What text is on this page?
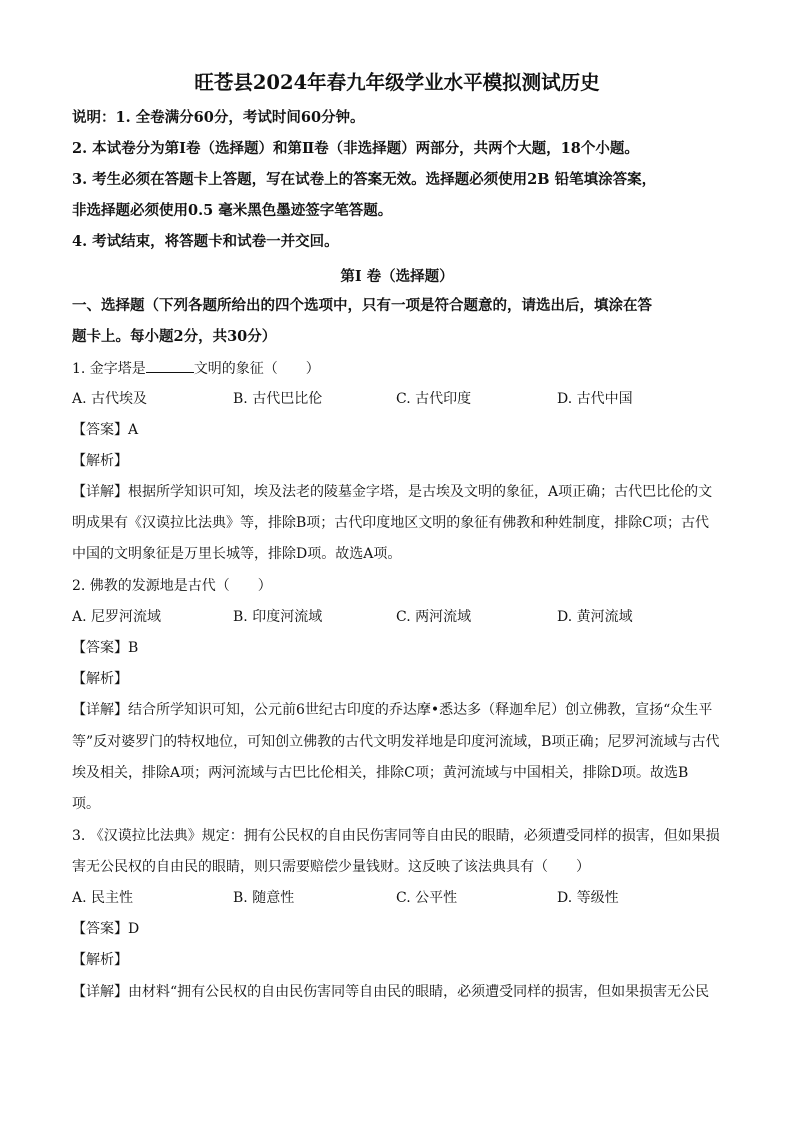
旺苍县2024年春九年级学业水平模拟测试历史
说明：1. 全卷满分60分，考试时间60分钟。
2. 本试卷分为第Ⅰ卷（选择题）和第Ⅱ卷（非选择题）两部分，共两个大题，18个小题。
3. 考生必须在答题卡上答题，写在试卷上的答案无效。选择题必须使用2B 铅笔填涂答案，
非选择题必须使用0.5 毫米黑色墨迹签字笔答题。
4. 考试结束，将答题卡和试卷一并交回。
第Ⅰ 卷（选择题）
一、选择题（下列各题所给出的四个选项中，只有一项是符合题意的，请选出后，填涂在答
题卡上。每小题2分，共30分）
1. 金字塔是	文明的象征（　　）
A. 古代埃及	B. 古代巴比伦	C. 古代印度	D. 古代中国
【答案】A
【解析】
【详解】根据所学知识可知，埃及法老的陵墓金字塔，是古埃及文明的象征，A项正确；古代巴比伦的文
明成果有《汉谟拉比法典》等，排除B项；古代印度地区文明的象征有佛教和种姓制度，排除C项；古代
中国的文明象征是万里长城等，排除D项。故选A项。
2. 佛教的发源地是古代（　　）
A. 尼罗河流域	B. 印度河流域	C. 两河流域	D. 黄河流域
【答案】B
【解析】
【详解】结合所学知识可知，公元前6世纪古印度的乔达摩•悉达多（释迦牟尼）创立佛教，宣扬“众生平
等”反对婆罗门的特权地位，可知创立佛教的古代文明发祥地是印度河流域，B项正确；尼罗河流域与古代
埃及相关，排除A项；两河流域与古巴比伦相关，排除C项；黄河流域与中国相关，排除D项。故选B
项。
3. 《汉谟拉比法典》规定：拥有公民权的自由民伤害同等自由民的眼睛，必须遭受同样的损害，但如果损
害无公民权的自由民的眼睛，则只需要赔偿少量钱财。这反映了该法典具有（　　）
A. 民主性	B. 随意性	C. 公平性	D. 等级性
【答案】D
【解析】
【详解】由材料“拥有公民权的自由民伤害同等自由民的眼睛，必须遭受同样的损害，但如果损害无公民
